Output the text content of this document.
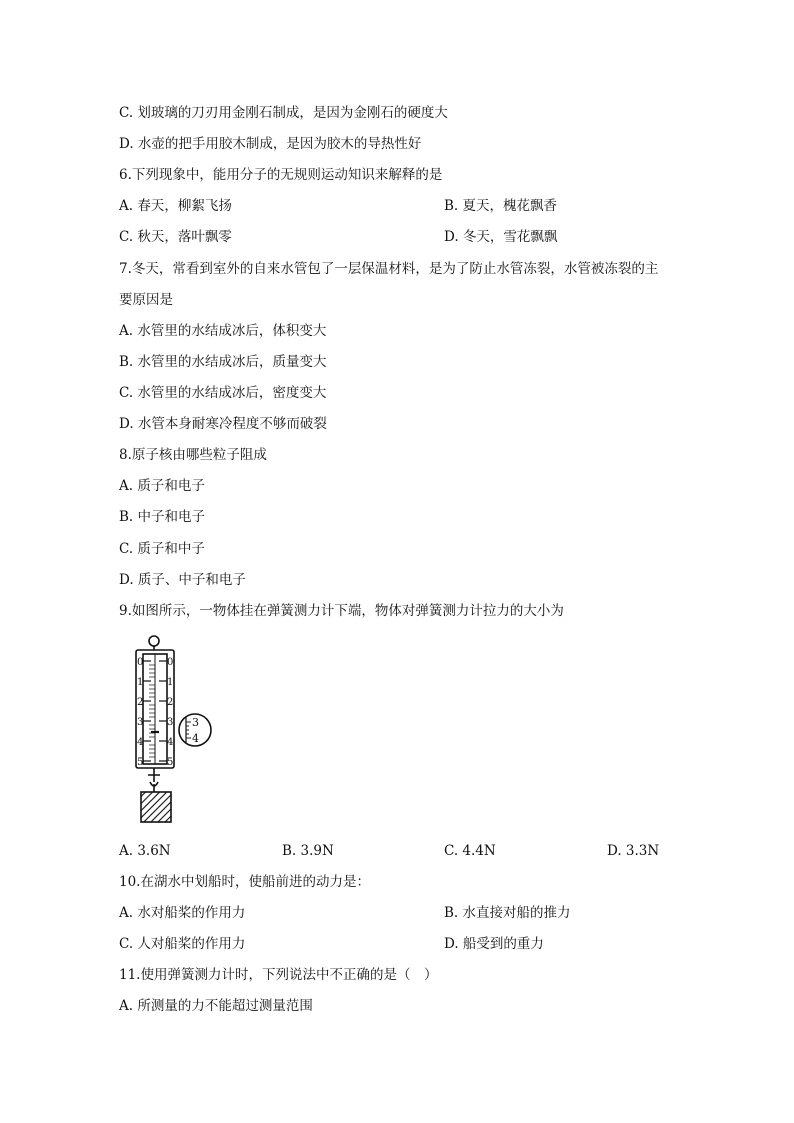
C. 划玻璃的刀刃用金刚石制成，是因为金刚石的硬度大
D. 水壶的把手用胶木制成，是因为胶木的导热性好
6.下列现象中，能用分子的无规则运动知识来解释的是
A. 春天，柳絮飞扬	B. 夏天，槐花飘香
C. 秋天，落叶飘零	D. 冬天，雪花飘飘
7.冬天，常看到室外的自来水管包了一层保温材料，是为了防止水管冻裂，水管被冻裂的主
要原因是
A. 水管里的水结成冰后，体积变大
B. 水管里的水结成冰后，质量变大
C. 水管里的水结成冰后，密度变大
D. 水管本身耐寒冷程度不够而破裂
8.原子核由哪些粒子阻成
A. 质子和电子
B. 中子和电子
C. 质子和中子
D. 质子、中子和电子
9.如图所示，一物体挂在弹簧测力计下端，物体对弹簧测力计拉力的大小为
0
1
2
3
4
5
0
1
2
3
4
5
3
4
A. 3.6N	B. 3.9N	C. 4.4N	D. 3.3N
10.在湖水中划船时，使船前进的动力是：
A. 水对船桨的作用力	B. 水直接对船的推力
C. 人对船桨的作用力	D. 船受到的重力
11.使用弹簧测力计时，下列说法中不正确的是（　）
A. 所测量的力不能超过测量范围
